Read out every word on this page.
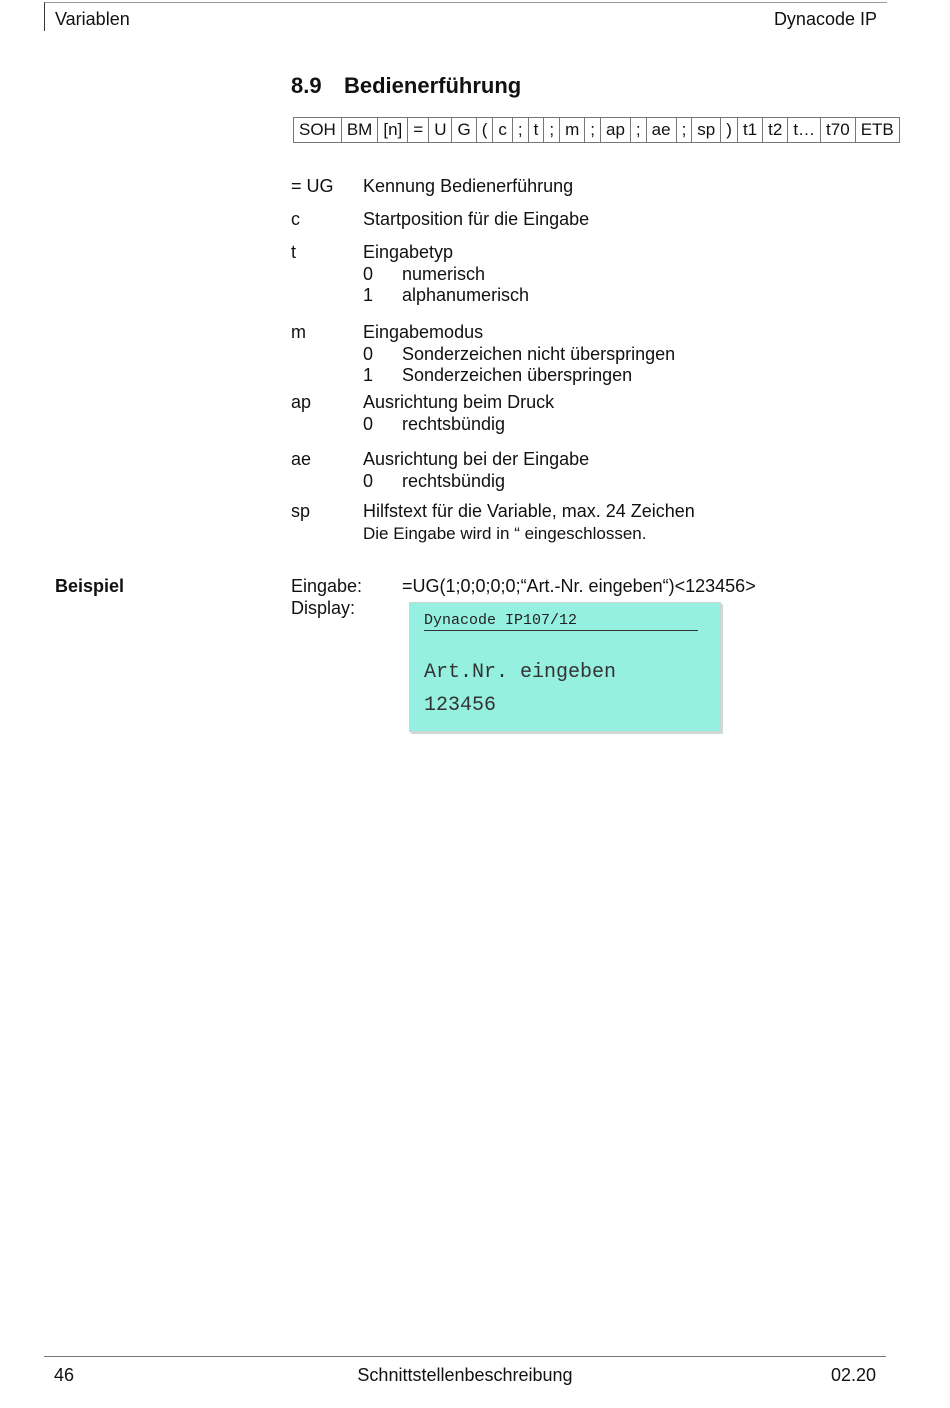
Variablen	Dynacode IP
8.9 Bedienerführung
SOH BM [n] = U G ( c ; t ; m ; ap ; ae ; sp ) t1 t2 t… t70 ETB
= UG Kennung Bedienerführung
c	Startposition für die Eingabe
t	Eingabetyp
0 numerisch
1 alphanumerisch
m	Eingabemodus
0 Sonderzeichen nicht überspringen
1 Sonderzeichen überspringen
ap	Ausrichtung beim Druck
0 rechtsbündig
ae	Ausrichtung bei der Eingabe
0 rechtsbündig
sp	Hilfstext für die Variable, max. 24 Zeichen
Die Eingabe wird in “ eingeschlossen.
Beispiel	Eingabe: =UG(1;0;0;0;0;“Art.-Nr. eingeben“)<123456>
Display:
Dynacode IP107/12
Art.Nr. eingeben
123456
46	Schnittstellenbeschreibung	02.20
